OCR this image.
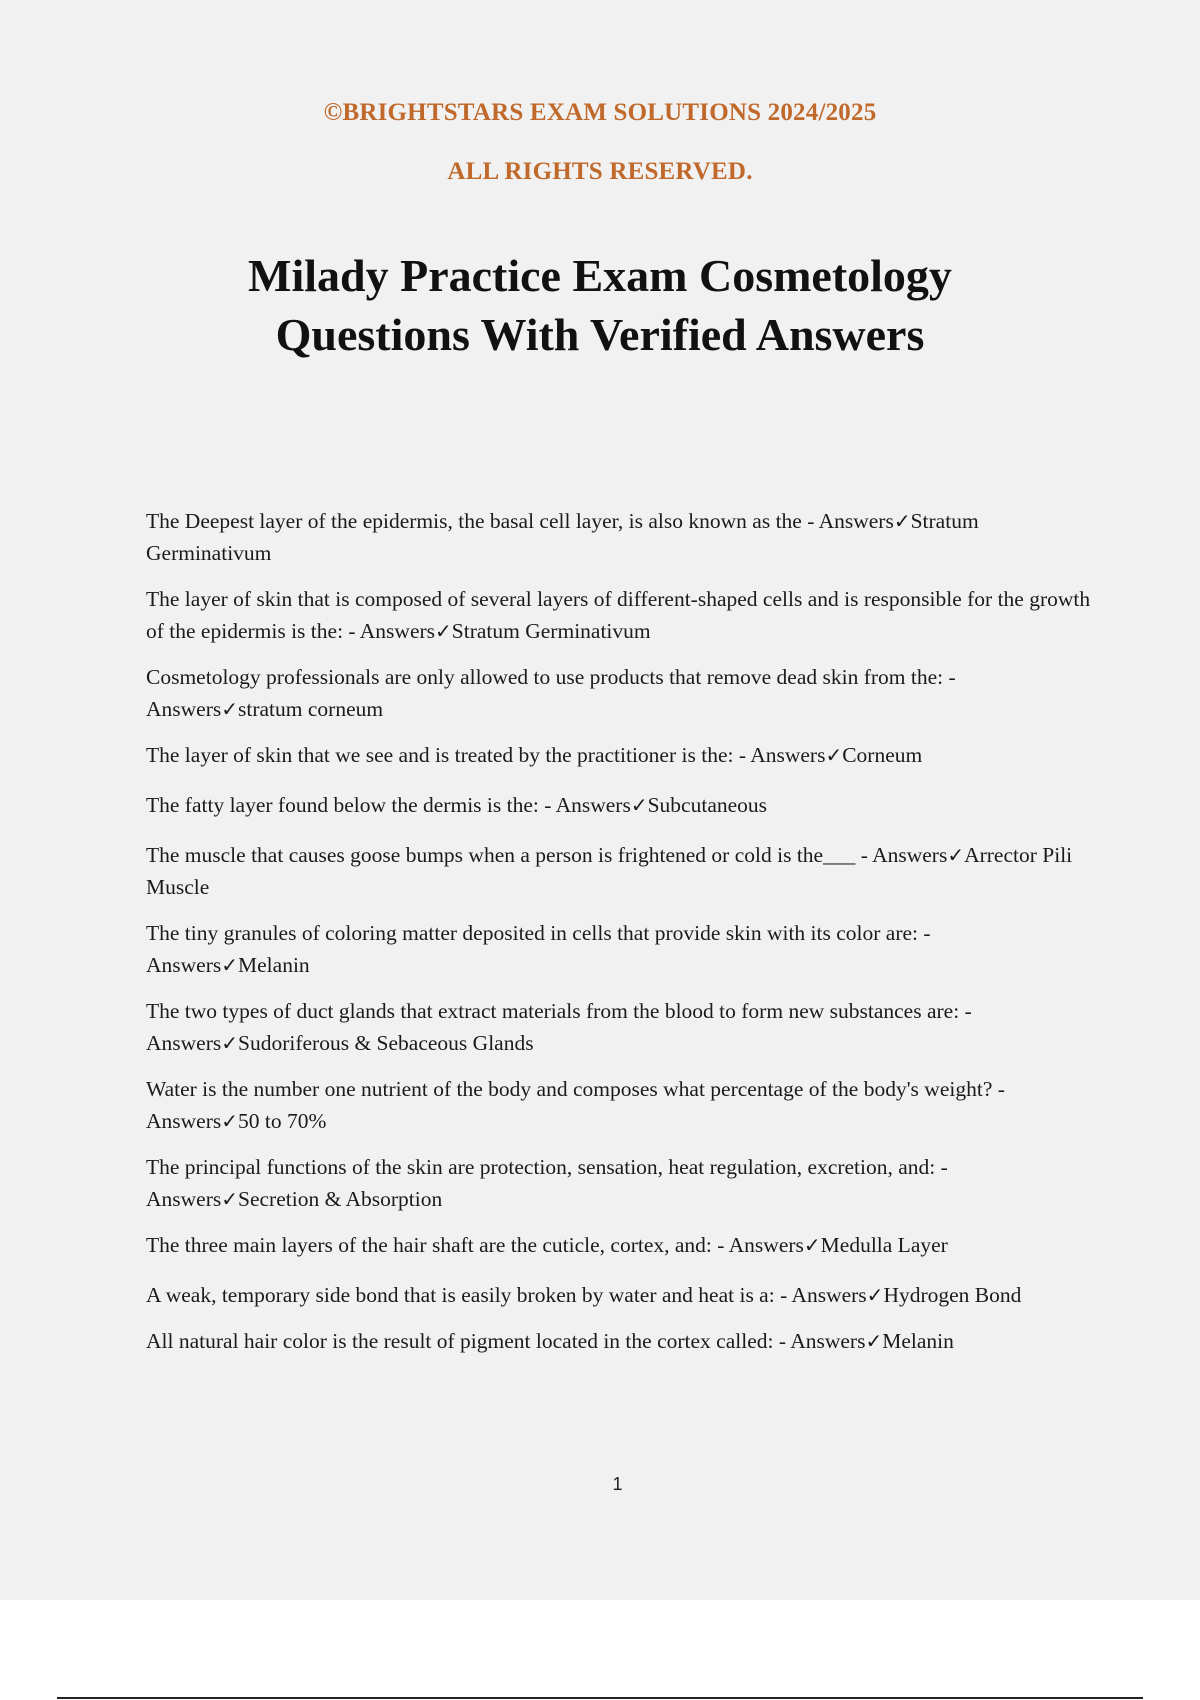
©BRIGHTSTARS EXAM SOLUTIONS 2024/2025
ALL RIGHTS RESERVED.
Milady Practice Exam Cosmetology
Questions With Verified Answers
The Deepest layer of the epidermis, the basal cell layer, is also known as the - Answers✓Stratum Germinativum
The layer of skin that is composed of several layers of different-shaped cells and is responsible for the growth of the epidermis is the: - Answers✓Stratum Germinativum
Cosmetology professionals are only allowed to use products that remove dead skin from the: - Answers✓stratum corneum
The layer of skin that we see and is treated by the practitioner is the: - Answers✓Corneum
The fatty layer found below the dermis is the: - Answers✓Subcutaneous
The muscle that causes goose bumps when a person is frightened or cold is the___ - Answers✓Arrector Pili Muscle
The tiny granules of coloring matter deposited in cells that provide skin with its color are: - Answers✓Melanin
The two types of duct glands that extract materials from the blood to form new substances are: - Answers✓Sudoriferous & Sebaceous Glands
Water is the number one nutrient of the body and composes what percentage of the body's weight? - Answers✓50 to 70%
The principal functions of the skin are protection, sensation, heat regulation, excretion, and: - Answers✓Secretion & Absorption
The three main layers of the hair shaft are the cuticle, cortex, and: - Answers✓Medulla Layer
A weak, temporary side bond that is easily broken by water and heat is a: - Answers✓Hydrogen Bond
All natural hair color is the result of pigment located in the cortex called: - Answers✓Melanin
1
